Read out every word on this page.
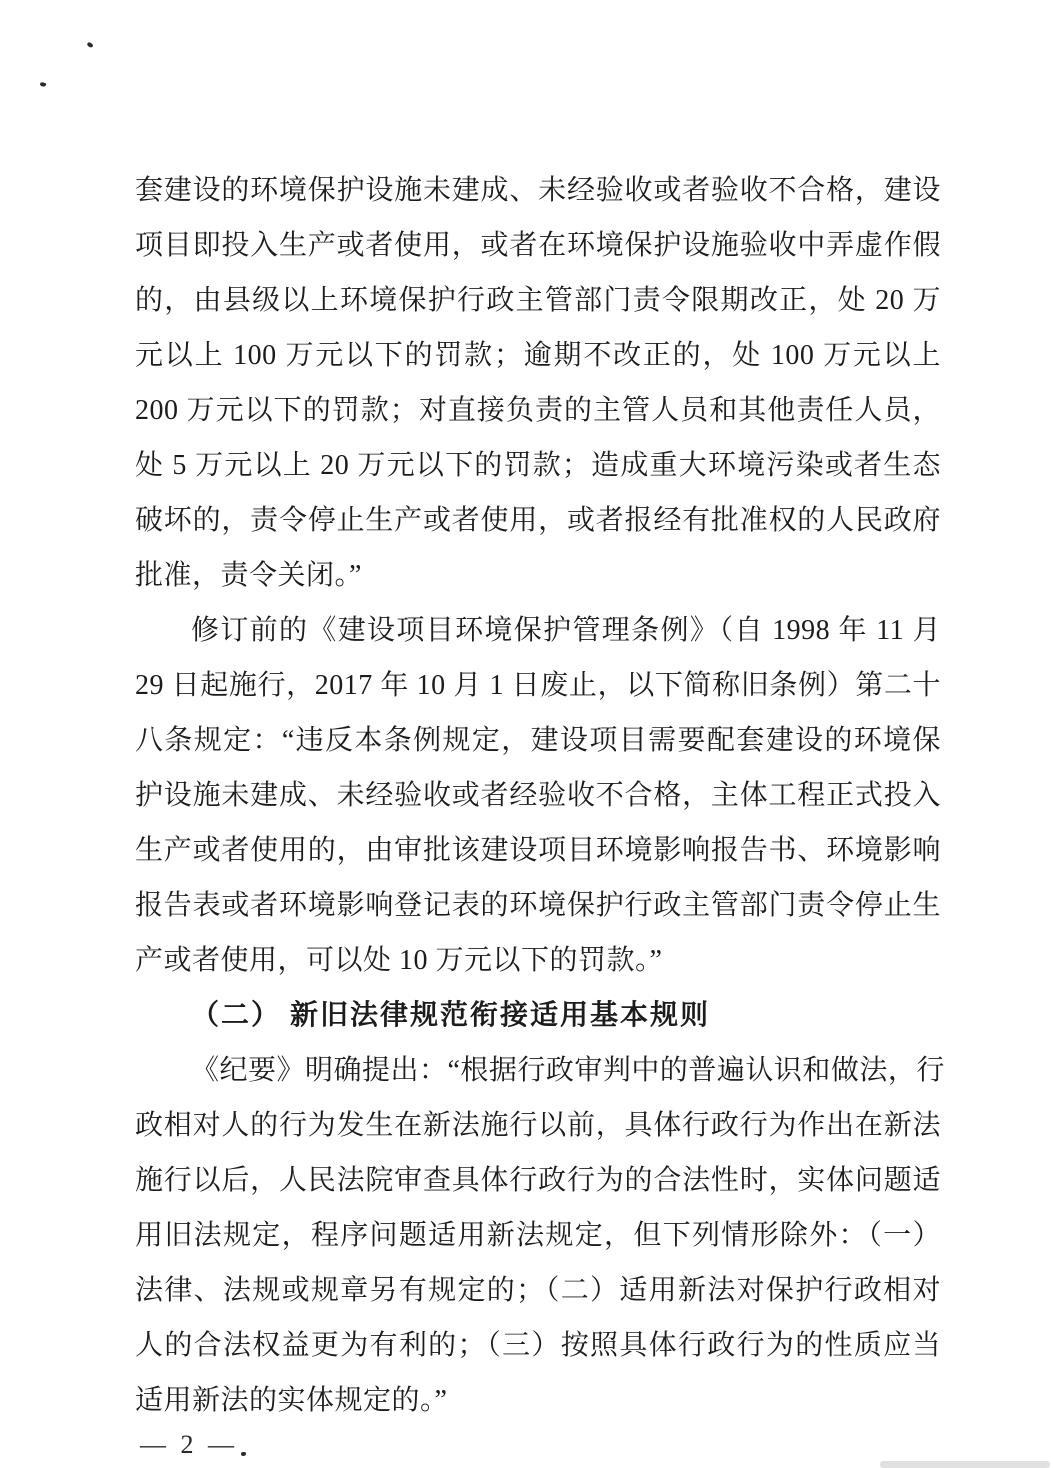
套建设的环境保护设施未建成、未经验收或者验收不合格，建设
项目即投入生产或者使用，或者在环境保护设施验收中弄虚作假
的，由县级以上环境保护行政主管部门责令限期改正，处 20 万
元以上 100 万元以下的罚款；逾期不改正的，处 100 万元以上
200 万元以下的罚款；对直接负责的主管人员和其他责任人员，
处 5 万元以上 20 万元以下的罚款；造成重大环境污染或者生态
破坏的，责令停止生产或者使用，或者报经有批准权的人民政府
批准，责令关闭。”
修订前的《建设项目环境保护管理条例》（自 1998 年 11 月
29 日起施行，2017 年 10 月 1 日废止，以下简称旧条例）第二十
八条规定：“违反本条例规定，建设项目需要配套建设的环境保
护设施未建成、未经验收或者经验收不合格，主体工程正式投入
生产或者使用的，由审批该建设项目环境影响报告书、环境影响
报告表或者环境影响登记表的环境保护行政主管部门责令停止生
产或者使用，可以处 10 万元以下的罚款。”
（二） 新旧法律规范衔接适用基本规则
《纪要》明确提出：“根据行政审判中的普遍认识和做法，行
政相对人的行为发生在新法施行以前，具体行政行为作出在新法
施行以后，人民法院审查具体行政行为的合法性时，实体问题适
用旧法规定，程序问题适用新法规定，但下列情形除外：（一）
法律、法规或规章另有规定的；（二）适用新法对保护行政相对
人的合法权益更为有利的；（三）按照具体行政行为的性质应当
适用新法的实体规定的。”
— 2 —
